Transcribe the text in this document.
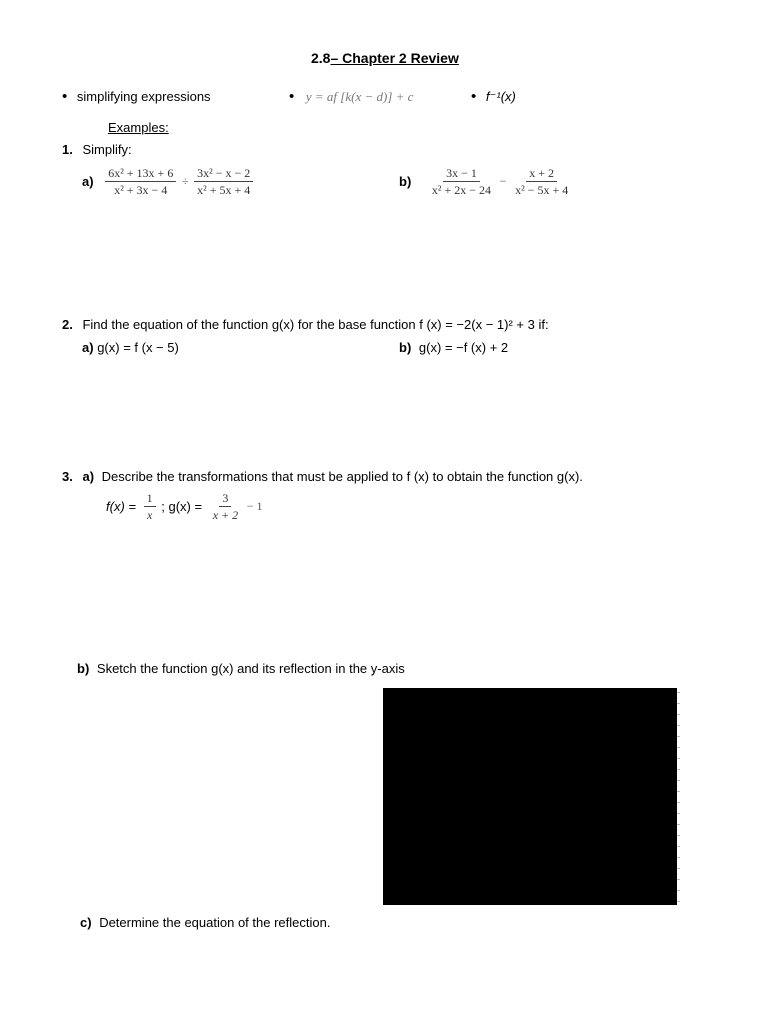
2.8– Chapter 2 Review
• simplifying expressions	• y = af [k(x − d)] + c	• f⁻¹(x)
Examples:
1. Simplify:
$a) \frac{\text{6x² + 13x + 6}}{\text{x² + 3x − 4}} \div \frac{\text{3x² − x − 2}}{\text{x² + 5x + 4}}$	$b) \frac{3x - 1}{\text{x² + 2x − 24}} - \frac{x + 2}{\text{x² − 5x + 4}}$
2. Find the equation of the function g(x) for the base function f (x) = −2(x − 1)² + 3 if:
a) g(x) = f (x − 5)	b) g(x) = −f (x) + 2
3. a) Describe the transformations that must be applied to f (x) to obtain the function g(x).
$f(x) = \frac{1}{x}$ ; $g(x) = \frac{3}{x + 2} - 1$
b) Sketch the function g(x) and its reflection in the y-axis
c) Determine the equation of the reflection.
